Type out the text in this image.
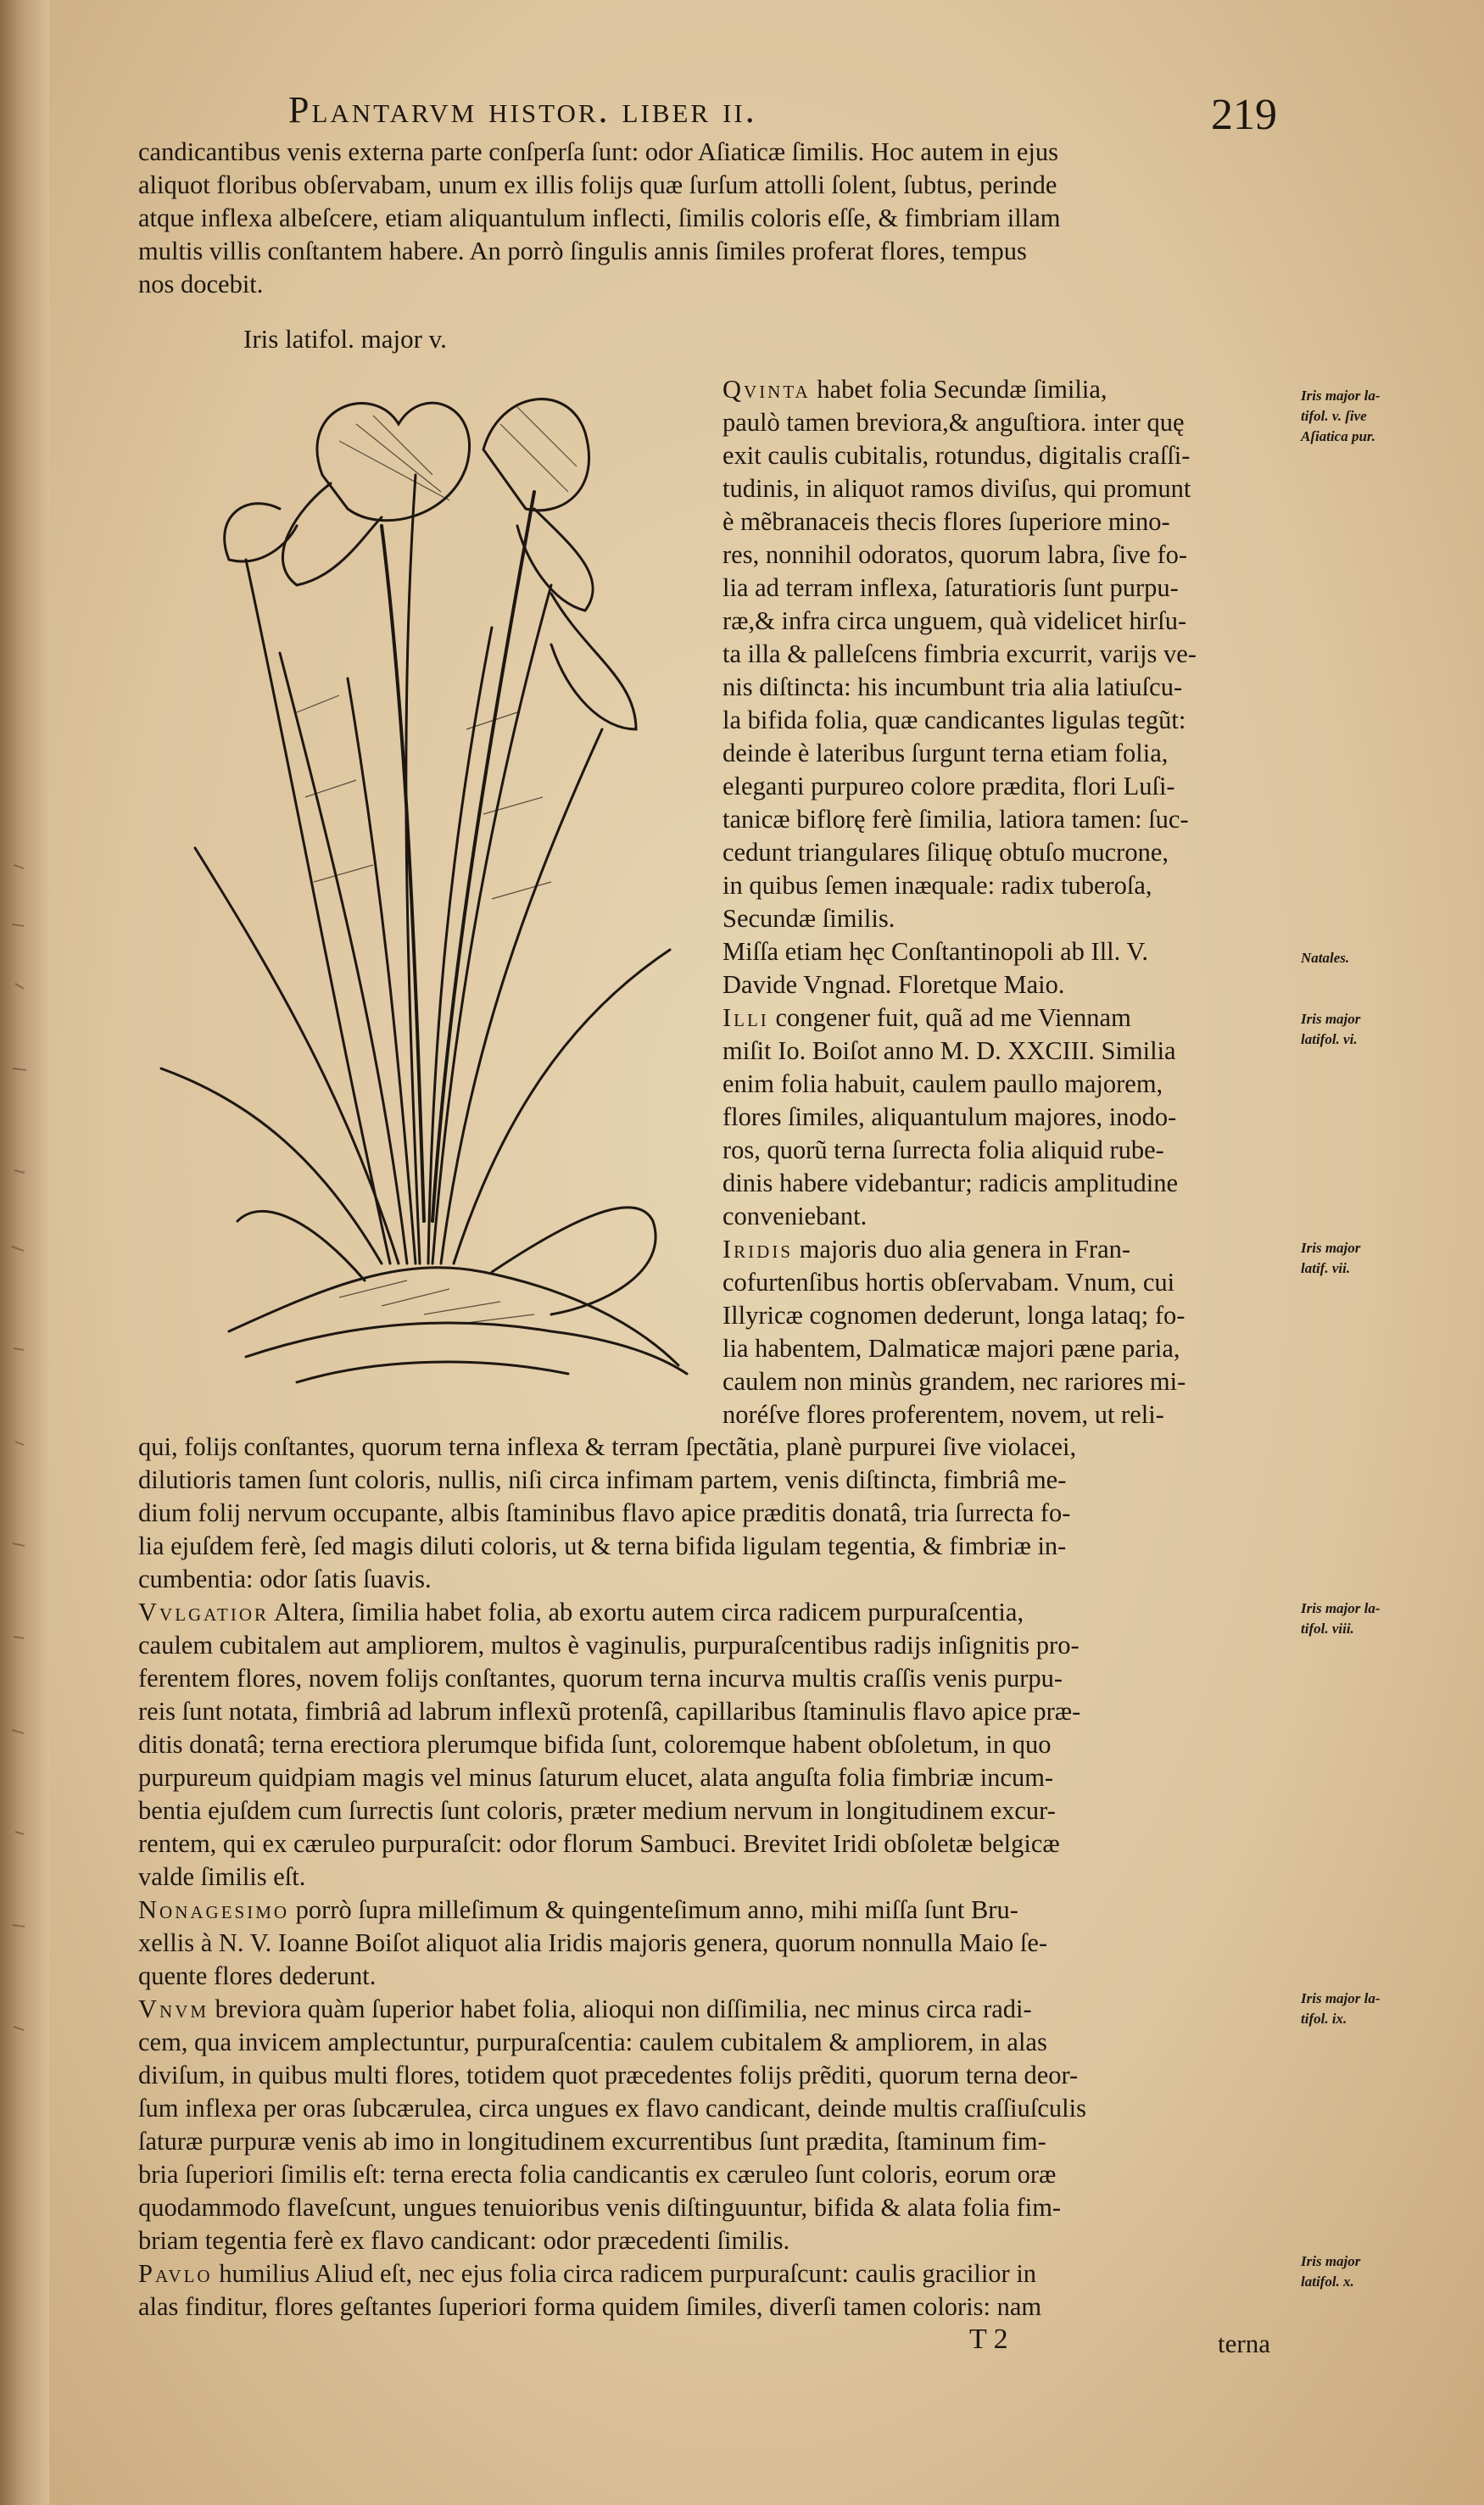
Plantarvm histor. liber ii.	219

candicantibus venis externa parte conſperſa ſunt: odor Aſiaticæ ſimilis. Hoc autem in ejus

aliquot floribus obſervabam, unum ex illis folijs quæ ſurſum attolli ſolent, ſubtus, perinde

atque inflexa albeſcere, etiam aliquantulum inflecti, ſimilis coloris eſſe, & fimbriam illam

multis villis conſtantem habere. An porrò ſingulis annis ſimiles proferat flores, tempus

nos docebit.

Iris latifol. major v.

Qvinta habet folia Secundæ ſimilia,

paulò tamen breviora,& anguſtiora. inter quę

exit caulis cubitalis, rotundus, digitalis craſſi-

tudinis, in aliquot ramos diviſus, qui promunt

è mẽbranaceis thecis flores ſuperiore mino-

res, nonnihil odoratos, quorum labra, ſive fo-

lia ad terram inflexa, ſaturatioris ſunt purpu-

ræ,& infra circa unguem, quà videlicet hirſu-

ta illa & palleſcens fimbria excurrit, varijs ve-

nis diſtincta: his incumbunt tria alia latiuſcu-

la bifida folia, quæ candicantes ligulas tegũt:

deinde è lateribus ſurgunt terna etiam folia,

eleganti purpureo colore prædita, flori Luſi-

tanicæ biflorę ferè ſimilia, latiora tamen: ſuc-

cedunt triangulares ſiliquę obtuſo mucrone,

in quibus ſemen inæquale: radix tuberoſa,

Secundæ ſimilis.

Miſſa etiam hęc Conſtantinopoli ab Ill. V.

Davide Vngnad. Floretque Maio.

Illi congener fuit, quã ad me Viennam

miſit Io. Boiſot anno M. D. XXCIII. Similia

enim folia habuit, caulem paullo majorem,

flores ſimiles, aliquantulum majores, inodo-

ros, quorũ terna ſurrecta folia aliquid rube-

dinis habere videbantur; radicis amplitudine

conveniebant.

Iridis majoris duo alia genera in Fran-

cofurtenſibus hortis obſervabam. Vnum, cui

Illyricæ cognomen dederunt, longa lataq; fo-

lia habentem, Dalmaticæ majori pæne paria,

caulem non minùs grandem, nec rariores mi-

noréſve flores proferentem, novem, ut reli-

qui, folijs conſtantes, quorum terna inflexa & terram ſpectãtia, planè purpurei ſive violacei,

dilutioris tamen ſunt coloris, nullis, niſi circa infimam partem, venis diſtincta, fimbriâ me-

dium folij nervum occupante, albis ſtaminibus flavo apice præditis donatâ, tria ſurrecta fo-

lia ejuſdem ferè, ſed magis diluti coloris, ut & terna bifida ligulam tegentia, & fimbriæ in-

cumbentia: odor ſatis ſuavis.

Vvlgatior Altera, ſimilia habet folia, ab exortu autem circa radicem purpuraſcentia,

caulem cubitalem aut ampliorem, multos è vaginulis, purpuraſcentibus radijs inſignitis pro-

ferentem flores, novem folijs conſtantes, quorum terna incurva multis craſſis venis purpu-

reis ſunt notata, fimbriâ ad labrum inflexũ protenſâ, capillaribus ſtaminulis flavo apice præ-

ditis donatâ; terna erectiora plerumque bifida ſunt, coloremque habent obſoletum, in quo

purpureum quidpiam magis vel minus ſaturum elucet, alata anguſta folia fimbriæ incum-

bentia ejuſdem cum ſurrectis ſunt coloris, præter medium nervum in longitudinem excur-

rentem, qui ex cæruleo purpuraſcit: odor florum Sambuci. Brevitet Iridi obſoletæ belgicæ

valde ſimilis eſt.

Nonagesimo porrò ſupra milleſimum & quingenteſimum anno, mihi miſſa ſunt Bru-

xellis à N. V. Ioanne Boiſot aliquot alia Iridis majoris genera, quorum nonnulla Maio ſe-

quente flores dederunt.

Vnvm breviora quàm ſuperior habet folia, alioqui non diſſimilia, nec minus circa radi-

cem, qua invicem amplectuntur, purpuraſcentia: caulem cubitalem & ampliorem, in alas

diviſum, in quibus multi flores, totidem quot præcedentes folijs prẽditi, quorum terna deor-

ſum inflexa per oras ſubcærulea, circa ungues ex flavo candicant, deinde multis craſſiuſculis

ſaturæ purpuræ venis ab imo in longitudinem excurrentibus ſunt prædita, ſtaminum fim-

bria ſuperiori ſimilis eſt: terna erecta folia candicantis ex cæruleo ſunt coloris, eorum oræ

quodammodo flaveſcunt, ungues tenuioribus venis diſtinguuntur, bifida & alata folia fim-

briam tegentia ferè ex flavo candicant: odor præcedenti ſimilis.

Pavlo humilius Aliud eſt, nec ejus folia circa radicem purpuraſcunt: caulis gracilior in

alas finditur, flores geſtantes ſuperiori forma quidem ſimiles, diverſi tamen coloris: nam

Iris major la-
tifol. v. ſive
Aſiatica pur.
Natales.
Iris major
latifol. vi.
Iris major
latif. vii.
Iris major la-
tifol. viii.
Iris major la-
tifol. ix.
Iris major
latifol. x.
T 2	terna
